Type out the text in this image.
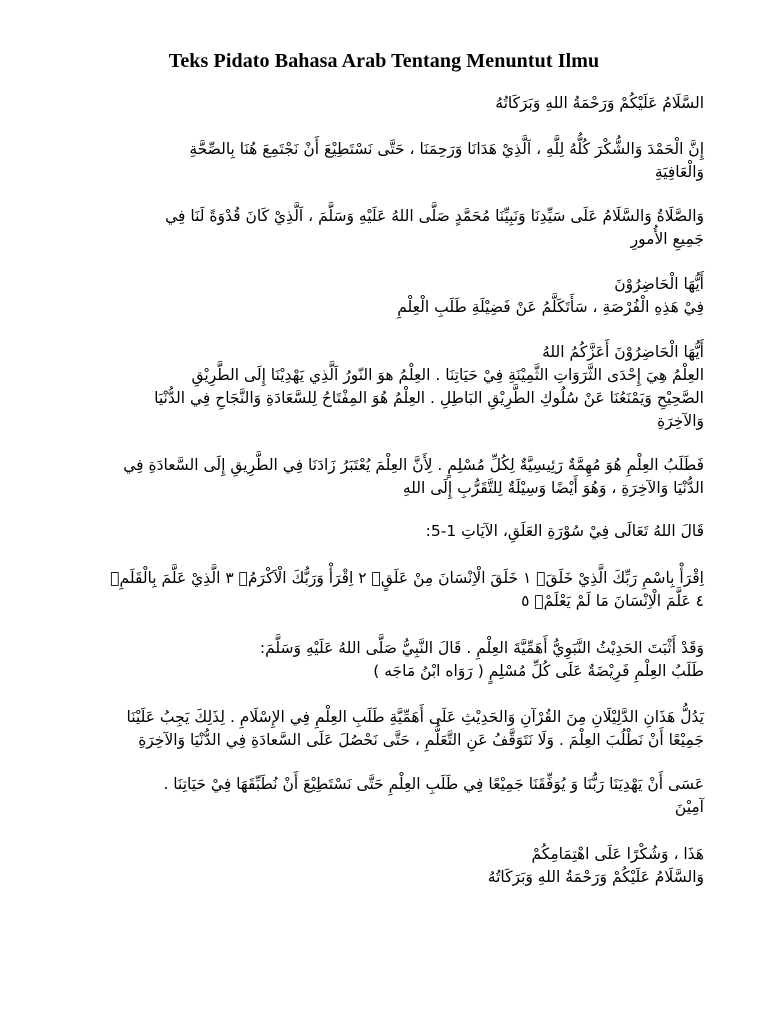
Teks Pidato Bahasa Arab Tentang Menuntut Ilmu
السَّلَامُ عَلَيْكُمْ وَرَحْمَةُ اللهِ وَبَرَكَاتُهُ
إِنَّ الْحَمْدَ وَالشُّكْرَ كُلُّهُ لِلَّهِ ، اَلَّذِيْ هَدَانَا وَرَحِمَنَا ، حَتَّى نَسْتَطِيْعَ أَنْ نَجْتَمِعَ هُنَا بِالصِّحَّةِ
وَالْعَافِيَةِ
وَالصَّلَاةُ وَالسَّلَامُ عَلَى سَيِّدِنَا وَنَبِيِّنَا مُحَمَّدٍ صَلَّى اللهُ عَلَيْهِ وَسَلَّمَ ، اَلَّذِيْ كَانَ قُدْوَةً لَنَا فِي
جَمِيعِ الأُمورِ
أَيُّهَا الْحَاضِرُوْنَ
فِيْ هَذِهِ الْفُرْصَةِ ، سَأَتَكَلَّمُ عَنْ فَضِيْلَةِ طَلَبِ الْعِلْمِ
أَيُّهَا الْحَاضِرُوْنَ أَعَزَّكُمُ اللهُ
العِلْمُ هِيَ إِحْدَى الثَّرَوَاتِ الثَّمِيْنَةِ فِيْ حَيَاتِنَا . العِلْمُ هوَ النّورُ اَلَّذِي يَهْدِيْنَا إِلَى الطَّرِيْقِ
الصَّحِيْحِ وَيَمْنَعُنَا عَنْ سُلُوكِ الطَّرِيْقِ البَاطِلِ . العِلْمُ هُوَ المِفْتَاحُ لِلسَّعَادَةِ وَالنَّجَاحِ فِي الدُّنْيَا
وَالآخِرَةِ
فَطَلَبُ العِلْمِ هُوَ مُهِمَّةٌ رَئِيسِيَّةٌ لِكُلِّ مُسْلِمٍ . لِأَنَّ العِلْمَ يُعْتَبَرُ زَادَنَا فِي الطَّرِيقِ إِلَى السَّعادَةِ فِي
الدُّنْيَا وَالآخِرَةِ ، وَهُوَ أَيْضًا وَسِيْلَةٌ لِلتَّقَرُّبِ إِلَى اللهِ
قَالَ اللهُ تَعَالَى فِيْ سُوْرَةِ العَلَقِ، الآيَاتِ 1-5:
اِقْرَأْ بِاسْمِ رَبِّكَ الَّذِيْ خَلَقَۚ ١ خَلَقَ الْاِنْسَانَ مِنْ عَلَقٍۚ ٢ اِقْرَأْ وَرَبُّكَ الْاَكْرَمُۙ ٣ الَّذِيْ عَلَّمَ بِالْقَلَمِۙ
٤ عَلَّمَ الْاِنْسَانَ مَا لَمْ يَعْلَمْۗ ٥
وَقَدْ أَثْبَتَ الحَدِيْثُ النَّبَوِيُّ أَهَمِّيَّةَ العِلْمِ . قَالَ النَّبِيُّ صَلَّى اللهُ عَلَيْهِ وَسَلَّمَ:
طَلَبُ العِلْمِ فَرِيْضَةٌ عَلَى كُلِّ مُسْلِمٍ ( رَوَاه ابْنُ مَاجَه )
يَدُلُّ هَذَانِ الدَّلِيْلَانِ مِنَ القُرْآنِ وَالحَدِيْثِ عَلَى أَهَمِّيَّةِ طَلَبِ العِلْمِ فِي الإِسْلَامِ . لِذَلِكَ يَجِبُ عَلَيْنَا
جَمِيْعًا أَنْ نَطْلُبَ العِلْمَ . وَلَا نَتَوَقَّفُ عَنِ التَّعَلُّمِ ، حَتَّى نَحْصُلَ عَلَى السَّعادَةِ فِي الدُّنْيَا وَالآخِرَةِ
عَسَى أَنْ يَهْدِيَنَا رَبُّنَا وَ يُوَفِّقَنَا جَمِيْعًا فِي طَلَبِ العِلْمِ حَتَّى نَسْتَطِيْعَ أَنْ نُطَبِّقَهَا فِيْ حَيَاتِنَا .
آمِيْنَ
هَذَا ، وَشُكْرًا عَلَى اهْتِمَامِكُمْ
وَالسَّلَامُ عَلَيْكُمْ وَرَحْمَةُ اللهِ وَبَرَكَاتُهُ
